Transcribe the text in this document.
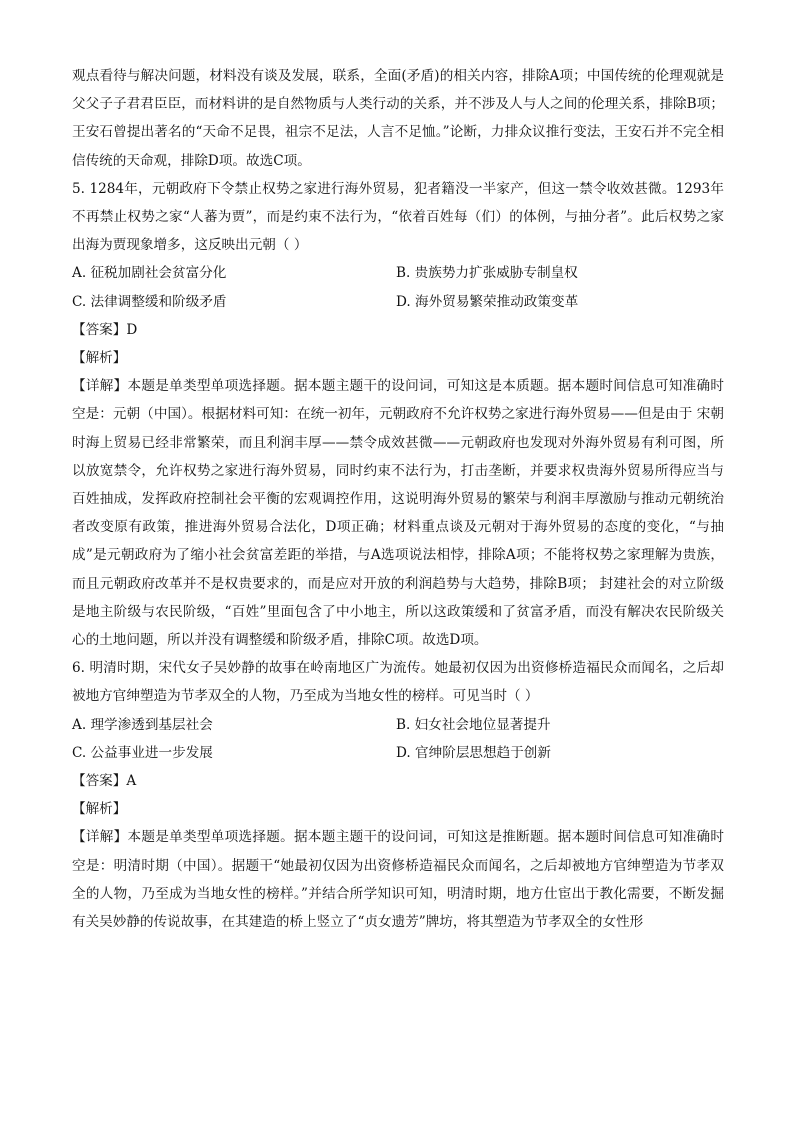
观点看待与解决问题，材料没有谈及发展，联系，全面(矛盾)的相关内容，排除A项；中国传统的伦理观就是父父子子君君臣臣，而材料讲的是自然物质与人类行动的关系，并不涉及人与人之间的伦理关系，排除B项；王安石曾提出著名的“天命不足畏，祖宗不足法，人言不足恤。”论断，力排众议推行变法，王安石并不完全相信传统的天命观，排除D项。故选C项。

5. 1284年，元朝政府下令禁止权势之家进行海外贸易，犯者籍没一半家产，但这一禁令收效甚微。1293年不再禁止权势之家“人蕃为贾”，而是约束不法行为，“依着百姓每（们）的体例，与抽分者”。此后权势之家出海为贾现象增多，这反映出元朝（ ）

A. 征税加剧社会贫富分化	B. 贵族势力扩张威胁专制皇权
C. 法律调整缓和阶级矛盾	D. 海外贸易繁荣推动政策变革

【答案】D

【解析】

【详解】本题是单类型单项选择题。据本题主题干的设问词，可知这是本质题。据本题时间信息可知准确时空是：元朝（中国）。根据材料可知：在统一初年，元朝政府不允许权势之家进行海外贸易——但是由于 宋朝时海上贸易已经非常繁荣，而且利润丰厚——禁令成效甚微——元朝政府也发现对外海外贸易有利可图，所以放宽禁令，允许权势之家进行海外贸易，同时约束不法行为，打击垄断，并要求权贵海外贸易所得应当与百姓抽成，发挥政府控制社会平衡的宏观调控作用，这说明海外贸易的繁荣与利润丰厚激励与推动元朝统治者改变原有政策，推进海外贸易合法化，D项正确；材料重点谈及元朝对于海外贸易的态度的变化，“与抽成”是元朝政府为了缩小社会贫富差距的举措，与A选项说法相悖，排除A项；不能将权势之家理解为贵族， 而且元朝政府改革并不是权贵要求的，而是应对开放的利润趋势与大趋势，排除B项； 封建社会的对立阶级是地主阶级与农民阶级，“百姓”里面包含了中小地主，所以这政策缓和了贫富矛盾，而没有解决农民阶级关心的土地问题，所以并没有调整缓和阶级矛盾，排除C项。故选D项。

6. 明清时期，宋代女子吴妙静的故事在岭南地区广为流传。她最初仅因为出资修桥造福民众而闻名，之后却被地方官绅塑造为节孝双全的人物，乃至成为当地女性的榜样。可见当时（ ）

A. 理学渗透到基层社会	B. 妇女社会地位显著提升
C. 公益事业进一步发展	D. 官绅阶层思想趋于创新

【答案】A

【解析】

【详解】本题是单类型单项选择题。据本题主题干的设问词，可知这是推断题。据本题时间信息可知准确时空是：明清时期（中国）。据题干“她最初仅因为出资修桥造福民众而闻名，之后却被地方官绅塑造为节孝双全的人物，乃至成为当地女性的榜样。”并结合所学知识可知，明清时期，地方仕宦出于教化需要，不断发掘有关吴妙静的传说故事，在其建造的桥上竖立了“贞女遗芳”牌坊，将其塑造为节孝双全的女性形
